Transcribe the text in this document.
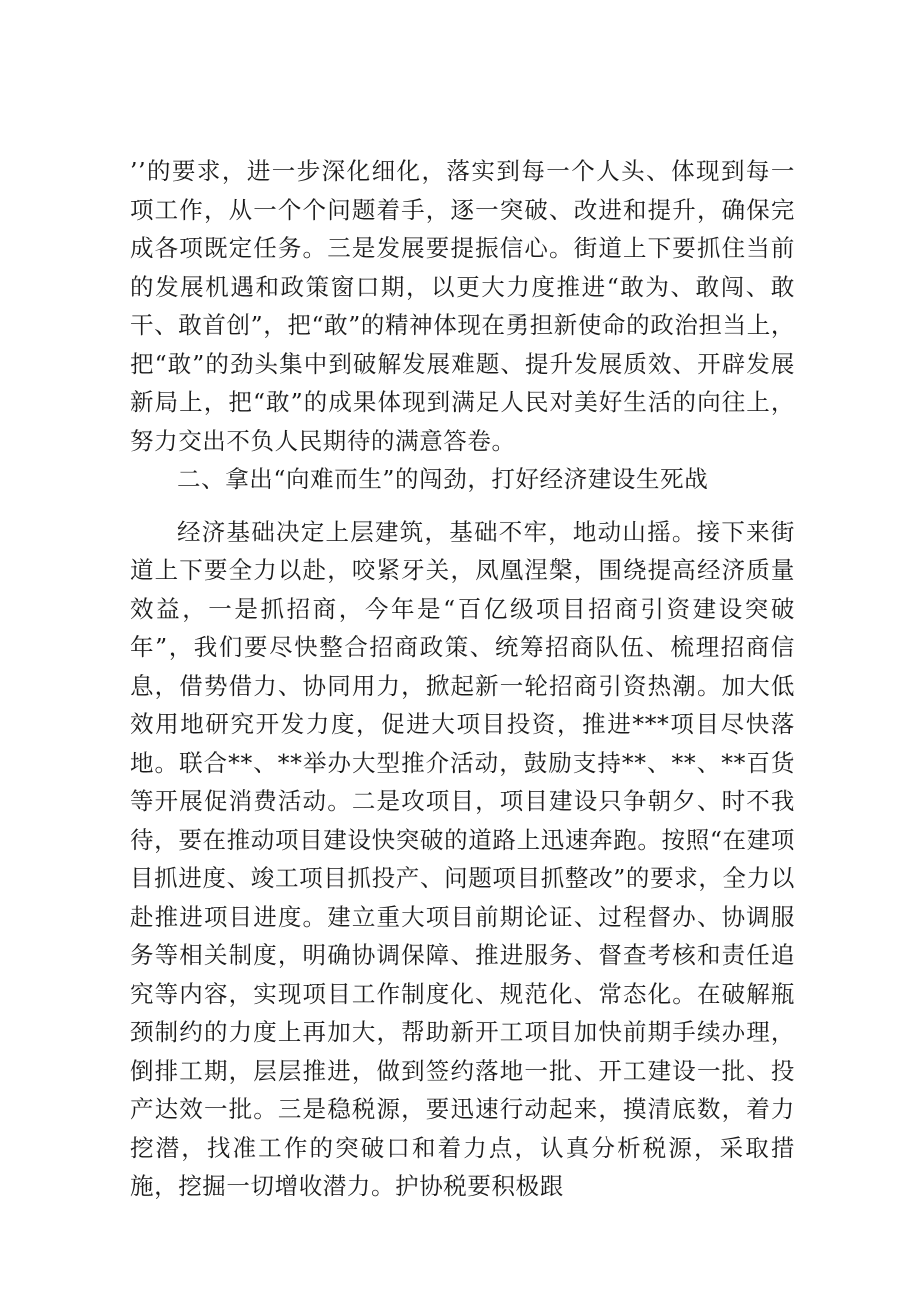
’’的要求，进一步深化细化，落实到每一个人头、体现到每一项工作，从一个个问题着手，逐一突破、改进和提升，确保完成各项既定任务。三是发展要提振信心。街道上下要抓住当前的发展机遇和政策窗口期，以更大力度推进“敢为、敢闯、敢干、敢首创”，把“敢”的精神体现在勇担新使命的政治担当上，把“敢”的劲头集中到破解发展难题、提升发展质效、开辟发展新局上，把“敢”的成果体现到满足人民对美好生活的向往上，努力交出不负人民期待的满意答卷。

二、拿出“向难而生”的闯劲，打好经济建设生死战

经济基础决定上层建筑，基础不牢，地动山摇。接下来街道上下要全力以赴，咬紧牙关，凤凰涅槃，围绕提高经济质量效益，一是抓招商，今年是“百亿级项目招商引资建设突破年”，我们要尽快整合招商政策、统筹招商队伍、梳理招商信息，借势借力、协同用力，掀起新一轮招商引资热潮。加大低效用地研究开发力度，促进大项目投资，推进***项目尽快落地。联合**、**举办大型推介活动，鼓励支持**、**、**百货等开展促消费活动。二是攻项目，项目建设只争朝夕、时不我待，要在推动项目建设快突破的道路上迅速奔跑。按照“在建项目抓进度、竣工项目抓投产、问题项目抓整改”的要求，全力以赴推进项目进度。建立重大项目前期论证、过程督办、协调服务等相关制度，明确协调保障、推进服务、督查考核和责任追究等内容，实现项目工作制度化、规范化、常态化。在破解瓶颈制约的力度上再加大，帮助新开工项目加快前期手续办理，倒排工期，层层推进，做到签约落地一批、开工建设一批、投产达效一批。三是稳税源，要迅速行动起来，摸清底数，着力挖潜，找准工作的突破口和着力点，认真分析税源，采取措施，挖掘一切增收潜力。护协税要积极跟
